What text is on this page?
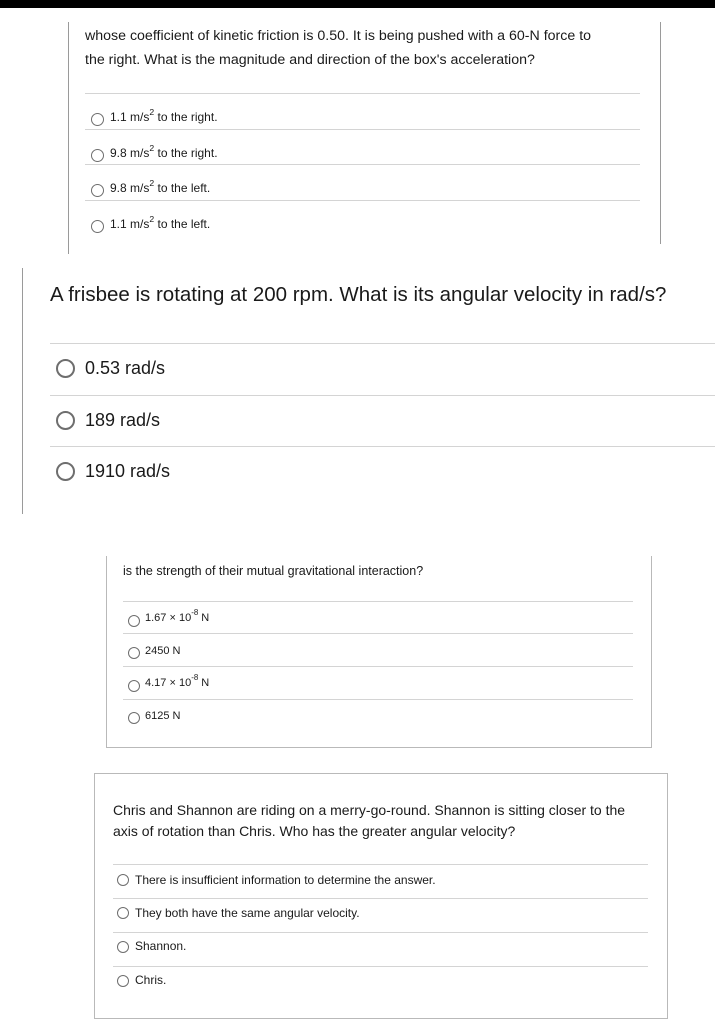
whose coefficient of kinetic friction is 0.50. It is being pushed with a 60-N force to
the right. What is the magnitude and direction of the box's acceleration?
1.1 $m/s^2$ to the right.
9.8 $m/s^2$ to the right.
9.8 $m/s^2$ to the left.
1.1 $m/s^2$ to the left.
A frisbee is rotating at 200 rpm. What is its angular velocity in rad/s?
0.53 rad/s
189 rad/s
1910 rad/s
is the strength of their mutual gravitational interaction?
$1.67 \times 10^{-8}$ N
2450 N
$4.17 \times 10^{-8}$ N
6125 N
Chris and Shannon are riding on a merry-go-round. Shannon is sitting closer to the
axis of rotation than Chris. Who has the greater angular velocity?
There is insufficient information to determine the answer.
They both have the same angular velocity.
Shannon.
Chris.
